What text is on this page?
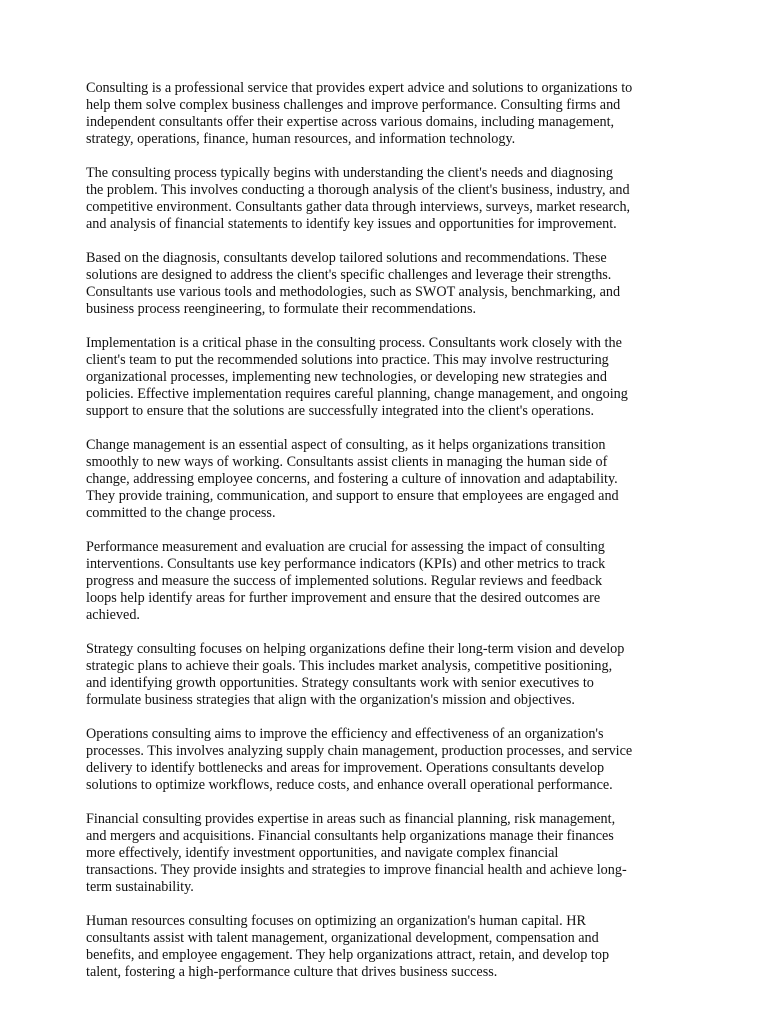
Consulting is a professional service that provides expert advice and solutions to organizations to
help them solve complex business challenges and improve performance. Consulting firms and
independent consultants offer their expertise across various domains, including management,
strategy, operations, finance, human resources, and information technology.

The consulting process typically begins with understanding the client's needs and diagnosing
the problem. This involves conducting a thorough analysis of the client's business, industry, and
competitive environment. Consultants gather data through interviews, surveys, market research,
and analysis of financial statements to identify key issues and opportunities for improvement.

Based on the diagnosis, consultants develop tailored solutions and recommendations. These
solutions are designed to address the client's specific challenges and leverage their strengths.
Consultants use various tools and methodologies, such as SWOT analysis, benchmarking, and
business process reengineering, to formulate their recommendations.

Implementation is a critical phase in the consulting process. Consultants work closely with the
client's team to put the recommended solutions into practice. This may involve restructuring
organizational processes, implementing new technologies, or developing new strategies and
policies. Effective implementation requires careful planning, change management, and ongoing
support to ensure that the solutions are successfully integrated into the client's operations.

Change management is an essential aspect of consulting, as it helps organizations transition
smoothly to new ways of working. Consultants assist clients in managing the human side of
change, addressing employee concerns, and fostering a culture of innovation and adaptability.
They provide training, communication, and support to ensure that employees are engaged and
committed to the change process.

Performance measurement and evaluation are crucial for assessing the impact of consulting
interventions. Consultants use key performance indicators (KPIs) and other metrics to track
progress and measure the success of implemented solutions. Regular reviews and feedback
loops help identify areas for further improvement and ensure that the desired outcomes are
achieved.

Strategy consulting focuses on helping organizations define their long-term vision and develop
strategic plans to achieve their goals. This includes market analysis, competitive positioning,
and identifying growth opportunities. Strategy consultants work with senior executives to
formulate business strategies that align with the organization's mission and objectives.

Operations consulting aims to improve the efficiency and effectiveness of an organization's
processes. This involves analyzing supply chain management, production processes, and service
delivery to identify bottlenecks and areas for improvement. Operations consultants develop
solutions to optimize workflows, reduce costs, and enhance overall operational performance.

Financial consulting provides expertise in areas such as financial planning, risk management,
and mergers and acquisitions. Financial consultants help organizations manage their finances
more effectively, identify investment opportunities, and navigate complex financial
transactions. They provide insights and strategies to improve financial health and achieve long-
term sustainability.

Human resources consulting focuses on optimizing an organization's human capital. HR
consultants assist with talent management, organizational development, compensation and
benefits, and employee engagement. They help organizations attract, retain, and develop top
talent, fostering a high-performance culture that drives business success.
